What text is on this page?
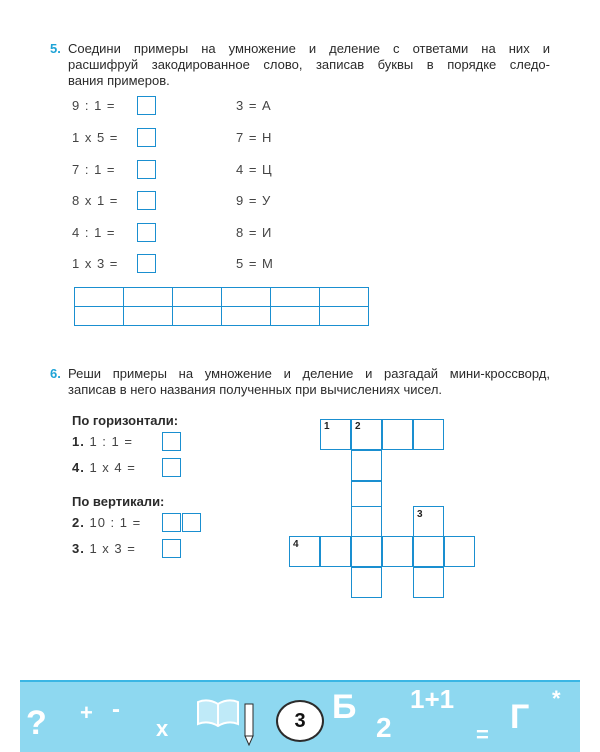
5. Соедини примеры на умножение и деление с ответами на них и
расшифруй закодированное слово, записав буквы в порядке следо-
вания примеров.
9 : 1 =
1 x 5 =
7 : 1 =
8 x 1 =
4 : 1 =
1 x 3 =
3 = А
7 = Н
4 = Ц
9 = У
8 = И
5 = М

6. Реши примеры на умножение и деление и разгадай мини-кроссворд,
записав в него названия полученных при вычислениях чисел.
По горизонтали:
1. 1 : 1 =
4. 1 x 4 =
По вертикали:
2. 10 : 1 =
3. 1 x 3 =
1	2
3
4
? + -
x	3 Б
2
1+1 Г
=
*
